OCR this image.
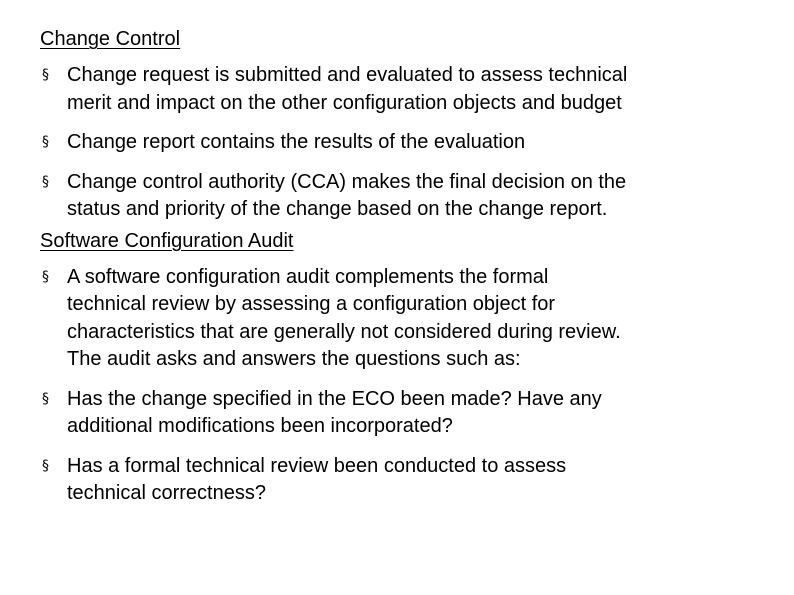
Change Control
§ Change request is submitted and evaluated to assess technical
merit and impact on the other configuration objects and budget
§ Change report contains the results of the evaluation
§ Change control authority (CCA) makes the final decision on the
status and priority of the change based on the change report.
Software Configuration Audit
§ A software configuration audit complements the formal
technical review by assessing a configuration object for
characteristics that are generally not considered during review.
The audit asks and answers the questions such as:
§ Has the change specified in the ECO been made? Have any
additional modifications been incorporated?
§ Has a formal technical review been conducted to assess
technical correctness?
